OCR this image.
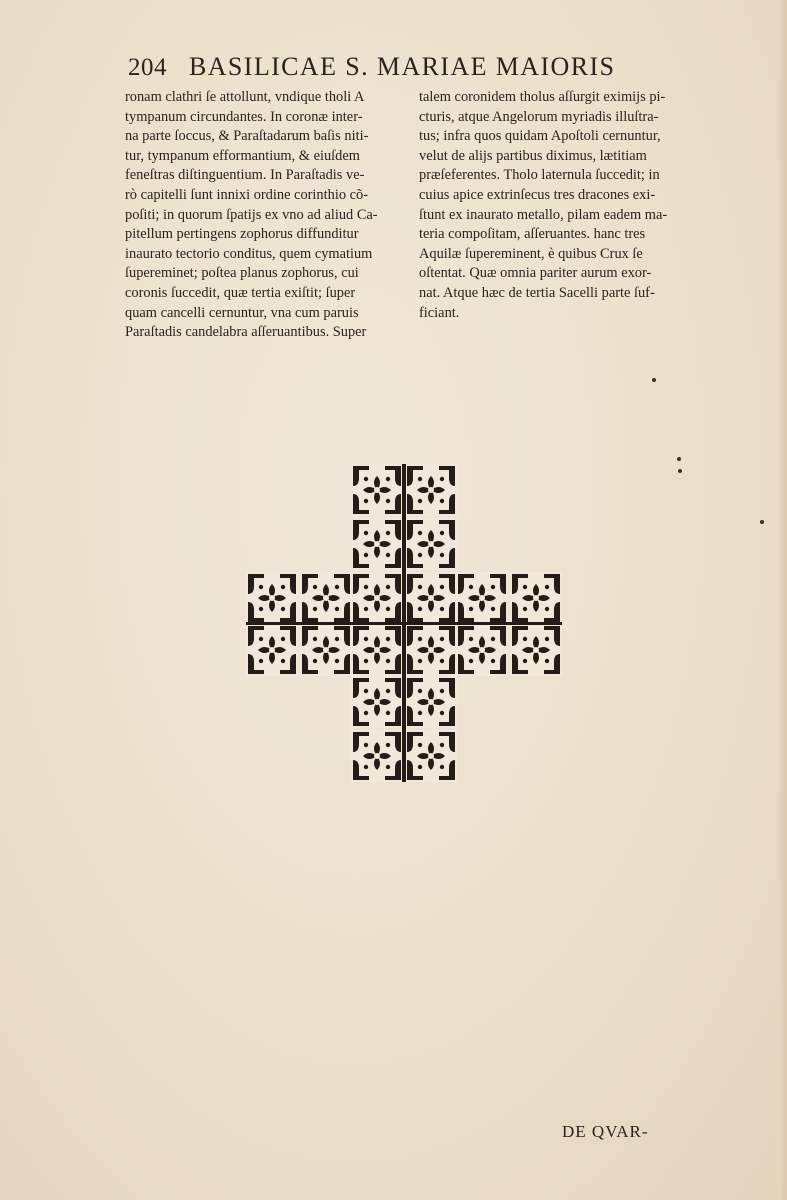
204 BASILICAE S. MARIAE MAIORIS
ronam clathri ſe attollunt, vndique tholi A
tympanum circundantes. In coronæ inter-
na parte ſoccus, & Paraſtadarum baſis niti-
tur, tympanum efformantium, & eiuſdem
feneſtras diſtinguentium. In Paraſtadis ve-
rò capitelli ſunt innixi ordine corinthio cõ-
poſiti; in quorum ſpatijs ex vno ad aliud Ca-
pitellum pertingens zophorus diffunditur
inaurato tectorio conditus, quem cymatium
ſupereminet; poſtea planus zophorus, cui
coronis ſuccedit, quæ tertia exiſtit; ſuper
quam cancelli cernuntur, vna cum paruis
Paraſtadis candelabra aſſeruantibus. Super
talem coronidem tholus aſſurgit eximijs pi-
cturis, atque Angelorum myriadis illuſtra-
tus; infra quos quidam Apoſtoli cernuntur,
velut de alijs partibus diximus, lætitiam
præſeferentes. Tholo laternula ſuccedit; in
cuius apice extrinſecus tres dracones exi-
ſtunt ex inaurato metallo, pilam eadem ma-
teria compoſitam, aſſeruantes. hanc tres
Aquilæ ſupereminent, è quibus Crux ſe
oſtentat. Quæ omnia pariter aurum exor-
nat. Atque hæc de tertia Sacelli parte ſuf-
ficiant.
DE QVAR-
